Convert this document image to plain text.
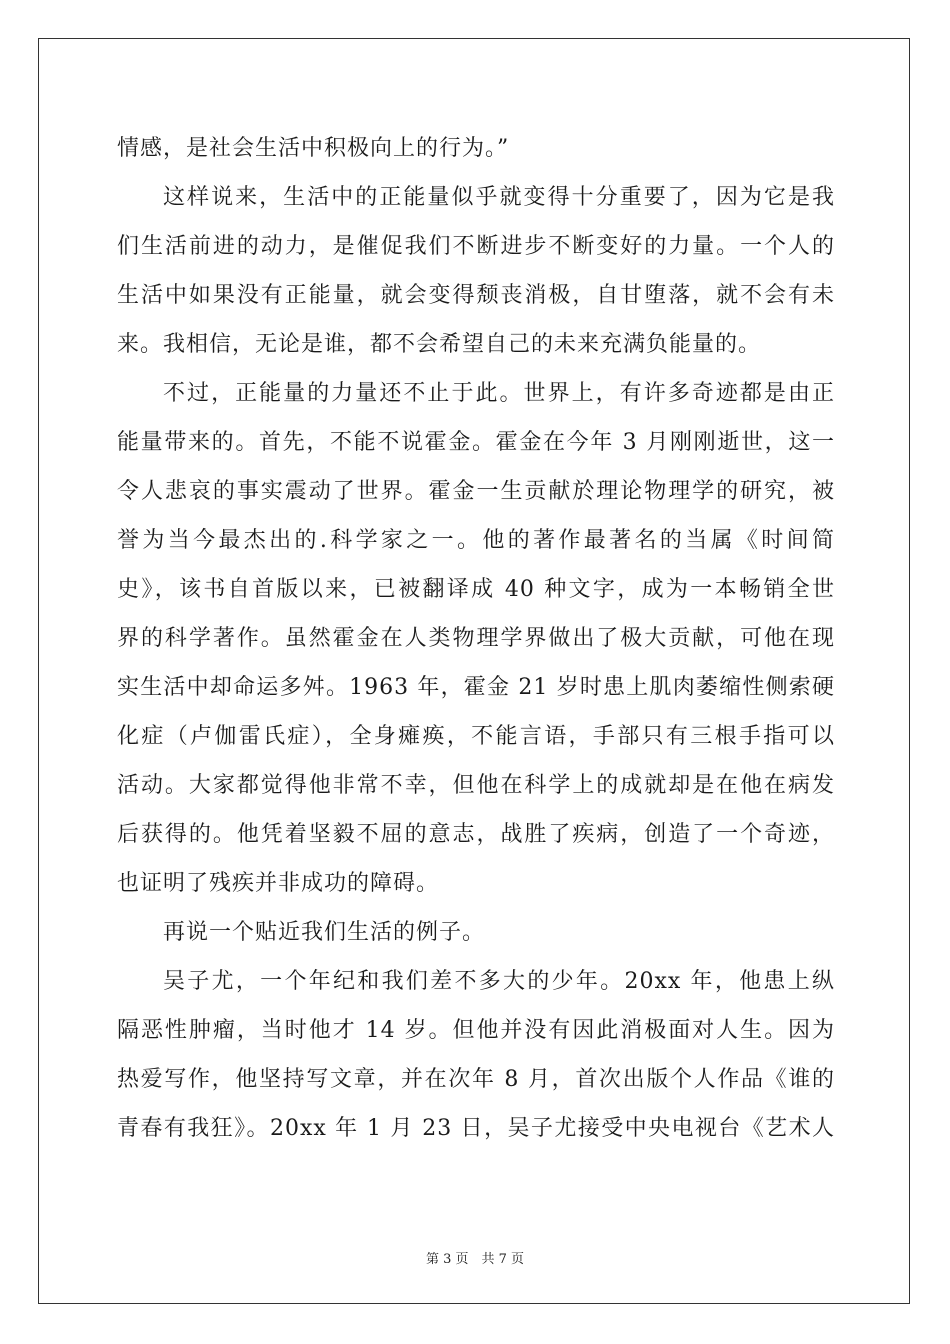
情感，是社会生活中积极向上的行为。”
这样说来，生活中的正能量似乎就变得十分重要了，因为它是我
们生活前进的动力，是催促我们不断进步不断变好的力量。一个人的
生活中如果没有正能量，就会变得颓丧消极，自甘堕落，就不会有未
来。我相信，无论是谁，都不会希望自己的未来充满负能量的。
不过，正能量的力量还不止于此。世界上，有许多奇迹都是由正
能量带来的。首先，不能不说霍金。霍金在今年 3 月刚刚逝世，这一
令人悲哀的事实震动了世界。霍金一生贡献於理论物理学的研究，被
誉为当今最杰出的.科学家之一。他的著作最著名的当属《时间简
史》，该书自首版以来，已被翻译成 40 种文字，成为一本畅销全世
界的科学著作。虽然霍金在人类物理学界做出了极大贡献，可他在现
实生活中却命运多舛。1963 年，霍金 21 岁时患上肌肉萎缩性侧索硬
化症（卢伽雷氏症），全身瘫痪，不能言语，手部只有三根手指可以
活动。大家都觉得他非常不幸，但他在科学上的成就却是在他在病发
后获得的。他凭着坚毅不屈的意志，战胜了疾病，创造了一个奇迹，
也证明了残疾并非成功的障碍。
再说一个贴近我们生活的例子。
吴子尤，一个年纪和我们差不多大的少年。20xx 年，他患上纵
隔恶性肿瘤，当时他才 14 岁。但他并没有因此消极面对人生。因为
热爱写作，他坚持写文章，并在次年 8 月，首次出版个人作品《谁的
青春有我狂》。20xx 年 1 月 23 日，吴子尤接受中央电视台《艺术人
第 3 页　共 7 页
